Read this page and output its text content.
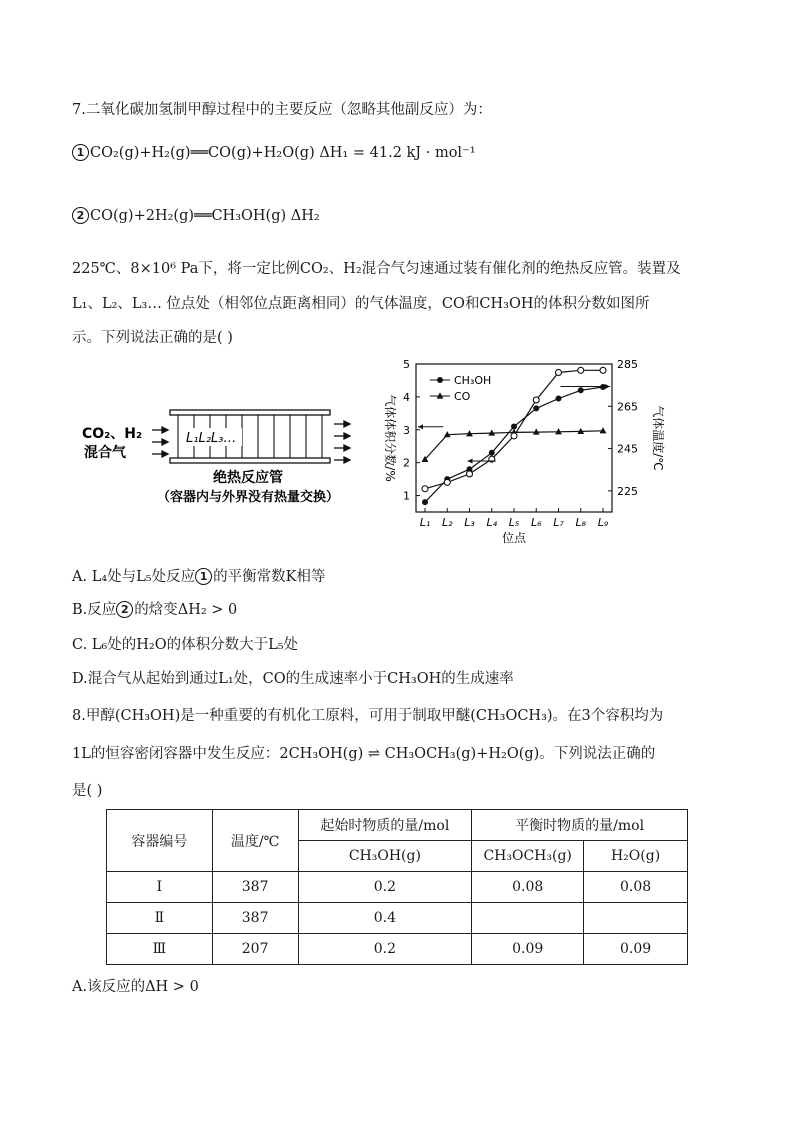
7.二氧化碳加氢制甲醇过程中的主要反应（忽略其他副反应）为：
1 CO₂(g)+H₂(g)══CO(g)+H₂O(g) ΔH₁ = 41.2 kJ · mol⁻¹
2 CO(g)+2H₂(g)══CH₃OH(g) ΔH₂
225℃、8×10⁶ Pa下，将一定比例CO₂、H₂混合气匀速通过装有催化剂的绝热反应管。装置及
L₁、L₂、L₃… 位点处（相邻位点距离相同）的气体温度，CO和CH₃OH的体积分数如图所
示。下列说法正确的是( )
CO₂、H₂
混合气
L₁L₂L₃…
绝热反应管
（容器内与外界没有热量交换）	1
2
3
4
5
225
245
265
285
L₁ L₂ L₃ L₄ L₅ L₆ L₇ L₈ L₉
位点
气体体积分数/%	气体温度/℃
CH₃OH
CO
A. L₄处与L₅处反应 1 的平衡常数K相等
B.反应 2 的焓变ΔH₂ > 0
C. L₆处的H₂O的体积分数大于L₅处
D.混合气从起始到通过L₁处，CO的生成速率小于CH₃OH的生成速率
8.甲醇(CH₃OH)是一种重要的有机化工原料，可用于制取甲醚(CH₃OCH₃)。在3个容积均为
1L的恒容密闭容器中发生反应：2CH₃OH(g) ⇌ CH₃OCH₃(g)+H₂O(g)。下列说法正确的
是( )
容器编号	温度/℃	起始时物质的量/mol	平衡时物质的量/mol	
		CH₃OH(g)	CH₃OCH₃(g)	H₂O(g)
Ⅰ	387	0.2	0.08	0.08
Ⅱ	387	0.4		
Ⅲ	207	0.2	0.09	0.09
A.该反应的ΔH > 0
